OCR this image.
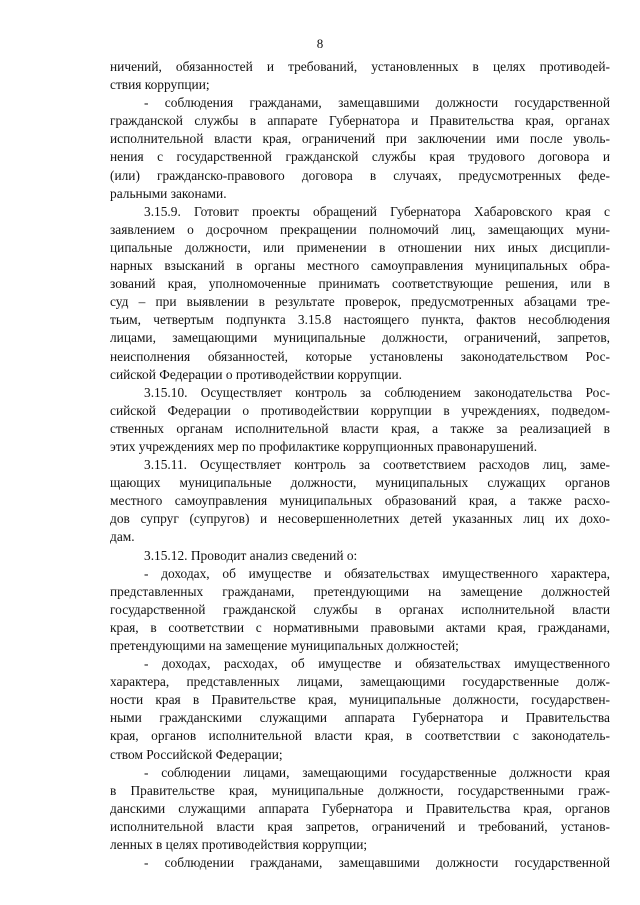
8
ничений, обязанностей и требований, установленных в целях противодей-
ствия коррупции;
- соблюдения гражданами, замещавшими должности государственной
гражданской службы в аппарате Губернатора и Правительства края, органах
исполнительной власти края, ограничений при заключении ими после уволь-
нения с государственной гражданской службы края трудового договора и
(или) гражданско-правового договора в случаях, предусмотренных феде-
ральными законами.
3.15.9. Готовит проекты обращений Губернатора Хабаровского края с
заявлением о досрочном прекращении полномочий лиц, замещающих муни-
ципальные должности, или применении в отношении них иных дисципли-
нарных взысканий в органы местного самоуправления муниципальных обра-
зований края, уполномоченные принимать соответствующие решения, или в
суд – при выявлении в результате проверок, предусмотренных абзацами тре-
тьим, четвертым подпункта 3.15.8 настоящего пункта, фактов несоблюдения
лицами, замещающими муниципальные должности, ограничений, запретов,
неисполнения обязанностей, которые установлены законодательством Рос-
сийской Федерации о противодействии коррупции.
3.15.10. Осуществляет контроль за соблюдением законодательства Рос-
сийской Федерации о противодействии коррупции в учреждениях, подведом-
ственных органам исполнительной власти края, а также за реализацией в
этих учреждениях мер по профилактике коррупционных правонарушений.
3.15.11. Осуществляет контроль за соответствием расходов лиц, заме-
щающих муниципальные должности, муниципальных служащих органов
местного самоуправления муниципальных образований края, а также расхо-
дов супруг (супругов) и несовершеннолетних детей указанных лиц их дохо-
дам.
3.15.12. Проводит анализ сведений о:
- доходах, об имуществе и обязательствах имущественного характера,
представленных гражданами, претендующими на замещение должностей
государственной гражданской службы в органах исполнительной власти
края, в соответствии с нормативными правовыми актами края, гражданами,
претендующими на замещение муниципальных должностей;
- доходах, расходах, об имуществе и обязательствах имущественного
характера, представленных лицами, замещающими государственные долж-
ности края в Правительстве края, муниципальные должности, государствен-
ными гражданскими служащими аппарата Губернатора и Правительства
края, органов исполнительной власти края, в соответствии с законодатель-
ством Российской Федерации;
- соблюдении лицами, замещающими государственные должности края
в Правительстве края, муниципальные должности, государственными граж-
данскими служащими аппарата Губернатора и Правительства края, органов
исполнительной власти края запретов, ограничений и требований, установ-
ленных в целях противодействия коррупции;
- соблюдении гражданами, замещавшими должности государственной
